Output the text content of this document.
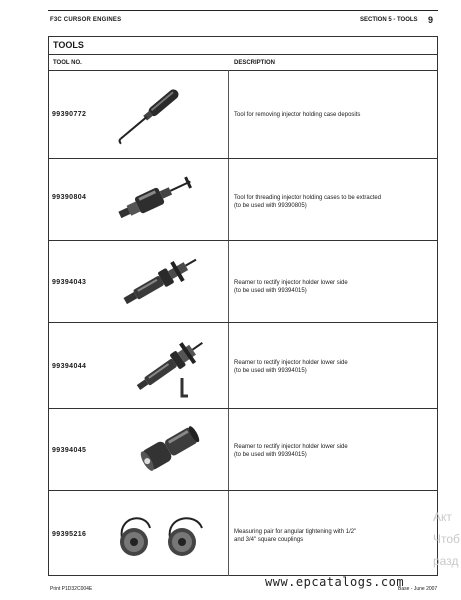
F3C CURSOR ENGINES	SECTION 5 - TOOLS 9
TOOLS
TOOL NO.	DESCRIPTION
99390772	Tool for removing injector holding case deposits
99390804	Tool for threading injector holding cases to be extracted
(to be used with 99390805)
99394043	Reamer to rectify injector holder lower side
(to be used with 99394015)
99394044	Reamer to rectify injector holder lower side
(to be used with 99394015)
99394045	Reamer to rectify injector holder lower side
(to be used with 99394015)
99395216	Measuring pair for angular tightening with 1/2"
and 3/4" square couplings
Print P1D32C004E	Base - June 2007
www.epcatalogs.com
Акт
Чтоб
разд
